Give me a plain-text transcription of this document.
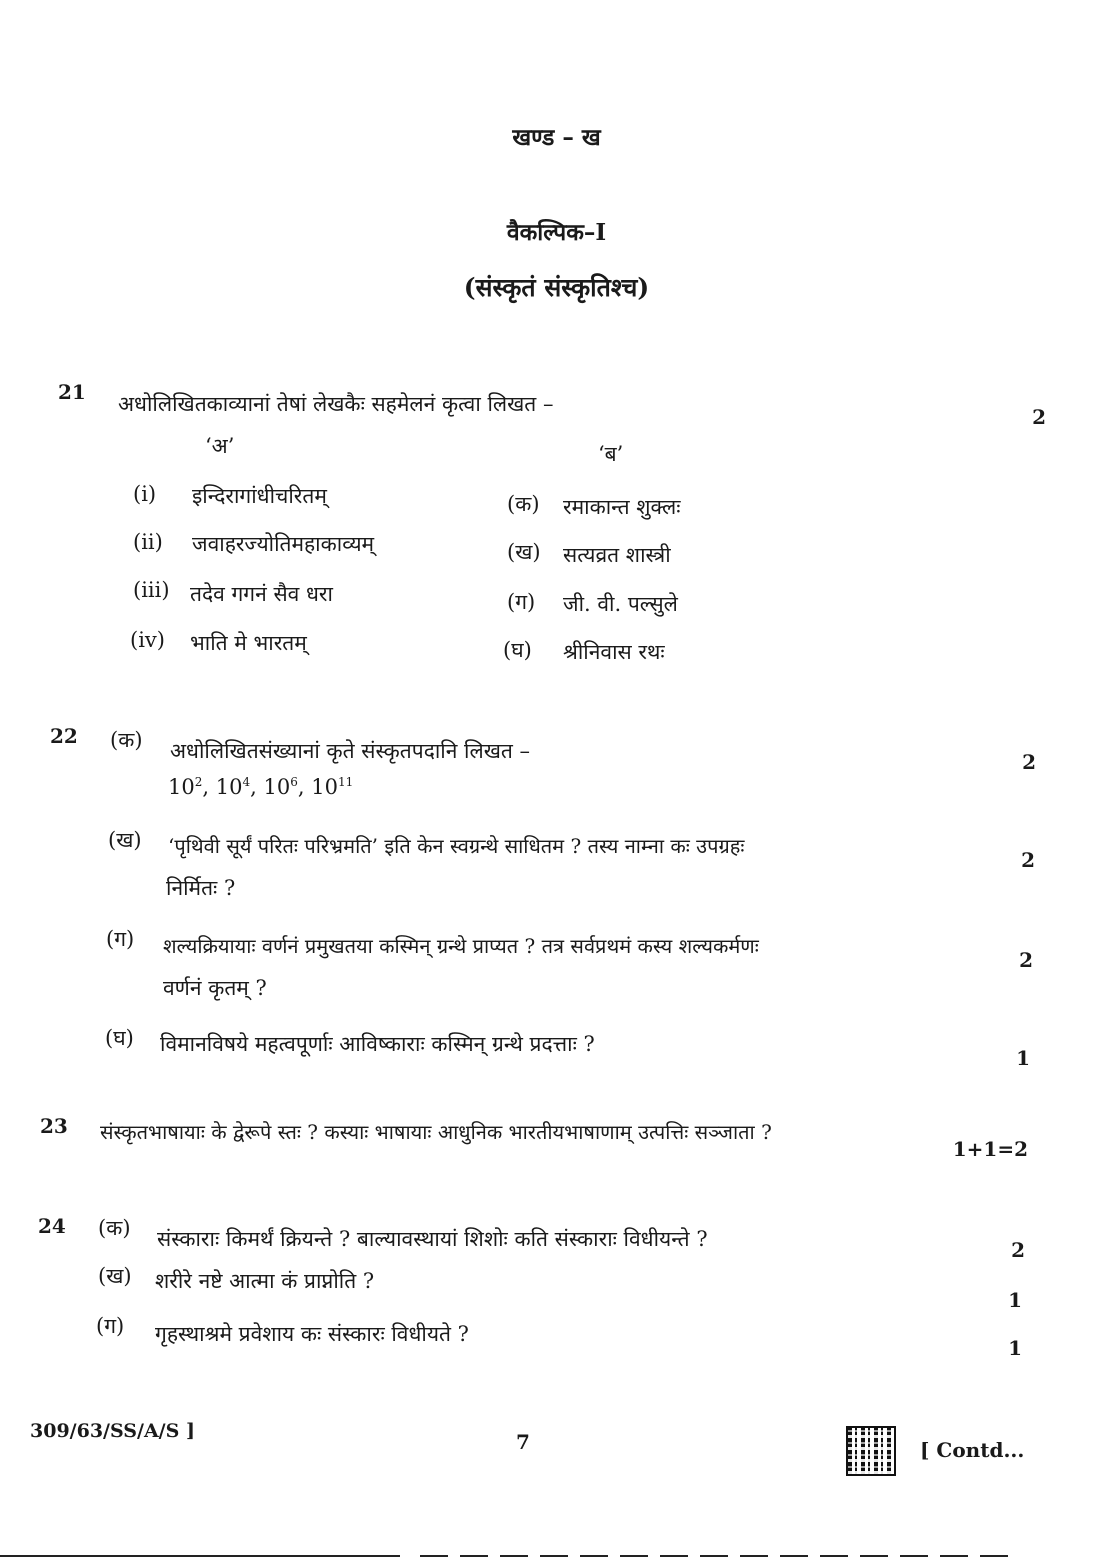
खण्ड – ख
वैकल्पिक–I
(संस्कृतं संस्कृतिश्च)
21 अधोलिखितकाव्यानां तेषां लेखकैः सहमेलनं कृत्वा लिखत –
2
‘अ’	‘ब’
(i) इन्दिरागांधीचरितम्	(क) रमाकान्त शुक्लः
(ii) जवाहरज्योतिमहाकाव्यम्	(ख) सत्यव्रत शास्त्री
(iii) तदेव गगनं सैव धरा	(ग) जी. वी. पल्सुले
(iv) भाति मे भारतम्	(घ) श्रीनिवास रथः
22 (क) अधोलिखितसंख्यानां कृते संस्कृतपदानि लिखत –	2
$10^2$, $10^4$, $10^6$, $10^{11}$
(ख) ‘पृथिवी सूर्यं परितः परिभ्रमति’ इति केन स्वग्रन्थे साधितम ? तस्य नाम्ना कः उपग्रहः
निर्मितः ?
2
(ग) शल्यक्रियायाः वर्णनं प्रमुखतया कस्मिन् ग्रन्थे प्राप्यत ? तत्र सर्वप्रथमं कस्य शल्यकर्मणः
वर्णनं कृतम् ?
2
(घ) विमानविषये महत्वपूर्णाः आविष्काराः कस्मिन् ग्रन्थे प्रदत्ताः ?
1
23 संस्कृतभाषायाः के द्वेरूपे स्तः ? कस्याः भाषायाः आधुनिक भारतीयभाषाणाम् उत्पत्तिः सञ्जाता ?
1+1=2
24 (क) संस्काराः किमर्थं क्रियन्ते ? बाल्यावस्थायां शिशोः कति संस्काराः विधीयन्ते ?	2
(ख) शरीरे नष्टे आत्मा कं प्राप्नोति ?
1
(ग) गृहस्थाश्रमे प्रवेशाय कः संस्कारः विधीयते ?
1
309/63/SS/A/S ]	7	[ Contd...
